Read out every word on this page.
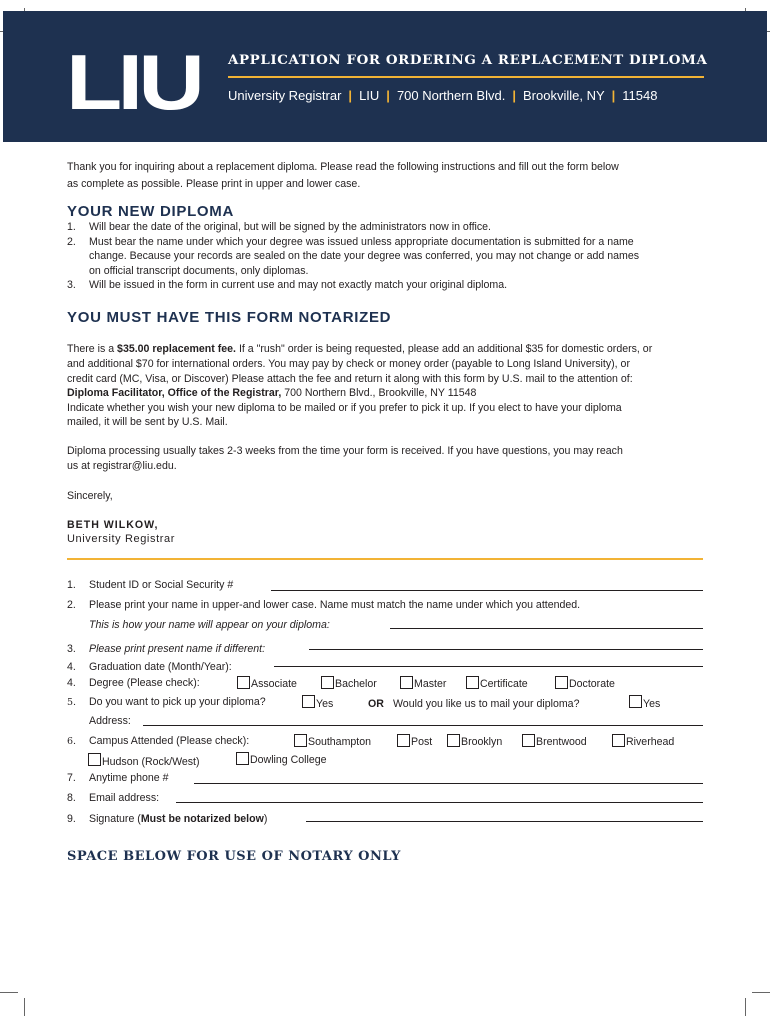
LIU APPLICATION FOR ORDERING A REPLACEMENT DIPLOMA
University Registrar | LIU | 700 Northern Blvd. | Brookville, NY | 11548
Thank you for inquiring about a replacement diploma. Please read the following instructions and fill out the form below
as complete as possible. Please print in upper and lower case.
YOUR NEW DIPLOMA
1. Will bear the date of the original, but will be signed by the administrators now in office.
2. Must bear the name under which your degree was issued unless appropriate documentation is submitted for a name
change. Because your records are sealed on the date your degree was conferred, you may not change or add names
on official transcript documents, only diplomas.
3. Will be issued in the form in current use and may not exactly match your original diploma.
YOU MUST HAVE THIS FORM NOTARIZED
There is a $35.00 replacement fee. If a "rush" order is being requested, please add an additional $35 for domestic orders, or
and additional $70 for international orders. You may pay by check or money order (payable to Long Island University), or
credit card (MC, Visa, or Discover) Please attach the fee and return it along with this form by U.S. mail to the attention of:
Diploma Facilitator, Office of the Registrar, 700 Northern Blvd., Brookville, NY 11548
Indicate whether you wish your new diploma to be mailed or if you prefer to pick it up. If you elect to have your diploma
mailed, it will be sent by U.S. Mail.
Diploma processing usually takes 2-3 weeks from the time your form is received. If you have questions, you may reach
us at registrar@liu.edu.
Sincerely,
BETH WILKOW,
University Registrar
1. Student ID or Social Security #
2. Please print your name in upper-and lower case. Name must match the name under which you attended.
This is how your name will appear on your diploma:
3. Please print present name if different:
4. Graduation date (Month/Year):
4. Degree (Please check):	Associate	Bachelor	Master	Certificate	Doctorate
5. Do you want to pick up your diploma?	Yes	OR Would you like us to mail your diploma?	Yes
Address:
6. Campus Attended (Please check):	Southampton	Post	Brooklyn	Brentwood	Riverhead
Hudson (Rock/West)	Dowling College
7. Anytime phone #
8. Email address:
9. Signature (Must be notarized below)
SPACE BELOW FOR USE OF NOTARY ONLY
